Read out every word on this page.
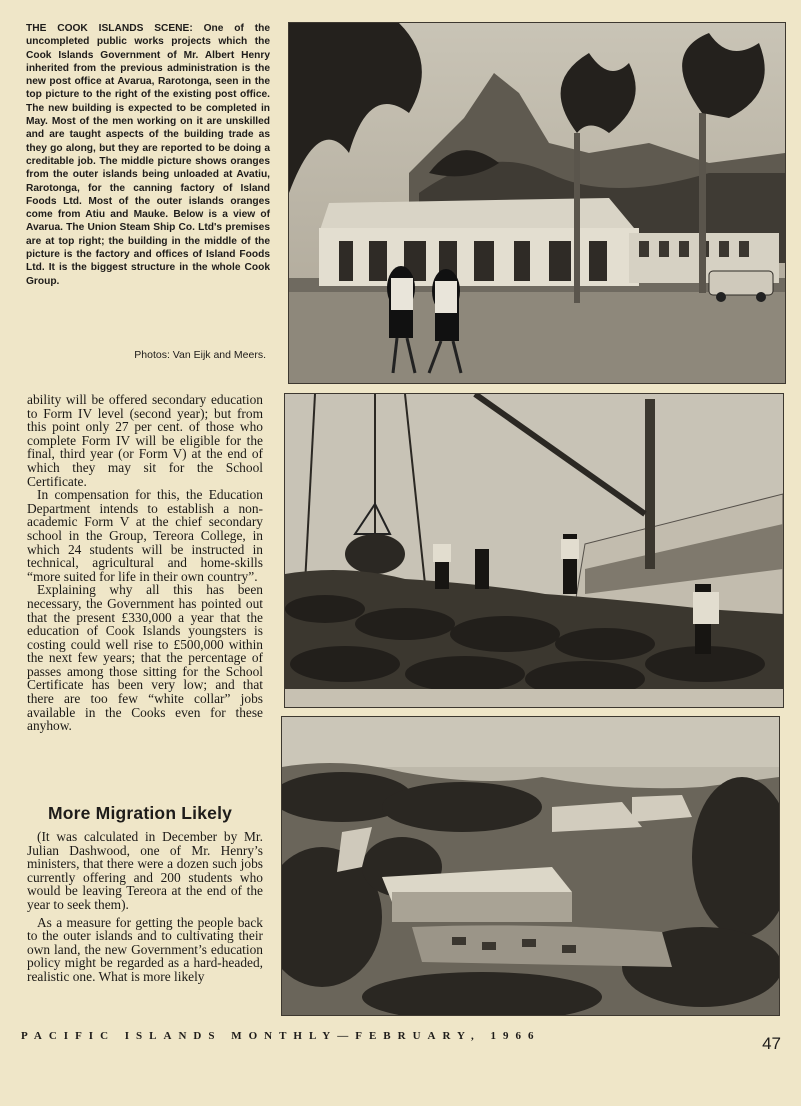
THE COOK ISLANDS SCENE: One of the uncompleted public works projects which the Cook Islands Government of Mr. Albert Henry inherited from the previous administration is the new post office at Avarua, Rarotonga, seen in the top picture to the right of the existing post office. The new building is expected to be completed in May. Most of the men working on it are unskilled and are taught aspects of the building trade as they go along, but they are reported to be doing a creditable job. The middle picture shows oranges from the outer islands being unloaded at Avatiu, Rarotonga, for the canning factory of Island Foods Ltd. Most of the outer islands oranges come from Atiu and Mauke. Below is a view of Avarua. The Union Steam Ship Co. Ltd's premises are at top right; the building in the middle of the picture is the factory and offices of Island Foods Ltd. It is the biggest structure in the whole Cook Group.
Photos: Van Eijk and Meers.

ability will be offered secondary education to Form IV level (second year); but from this point only 27 per cent. of those who complete Form IV will be eligible for the final, third year (or Form V) at the end of which they may sit for the School Certificate.

In compensation for this, the Education Department intends to establish a non-academic Form V at the chief secondary school in the Group, Tereora College, in which 24 students will be instructed in technical, agricultural and home-skills “more suited for life in their own country”.

Explaining why all this has been necessary, the Government has pointed out that the present £330,000 a year that the education of Cook Islands youngsters is costing could well rise to £500,000 within the next few years; that the percentage of passes among those sitting for the School Certificate has been very low; and that there are too few “white collar” jobs available in the Cooks even for these anyhow.

More Migration Likely

(It was calculated in December by Mr. Julian Dashwood, one of Mr. Henry’s ministers, that there were a dozen such jobs currently offering and 200 students who would be leaving Tereora at the end of the year to seek them).

As a measure for getting the people back to the outer islands and to cultivating their own land, the new Government’s education policy might be regarded as a hard-headed, realistic one. What is more likely

PACIFIC ISLANDS MONTHLY—FEBRUARY, 1966	47
